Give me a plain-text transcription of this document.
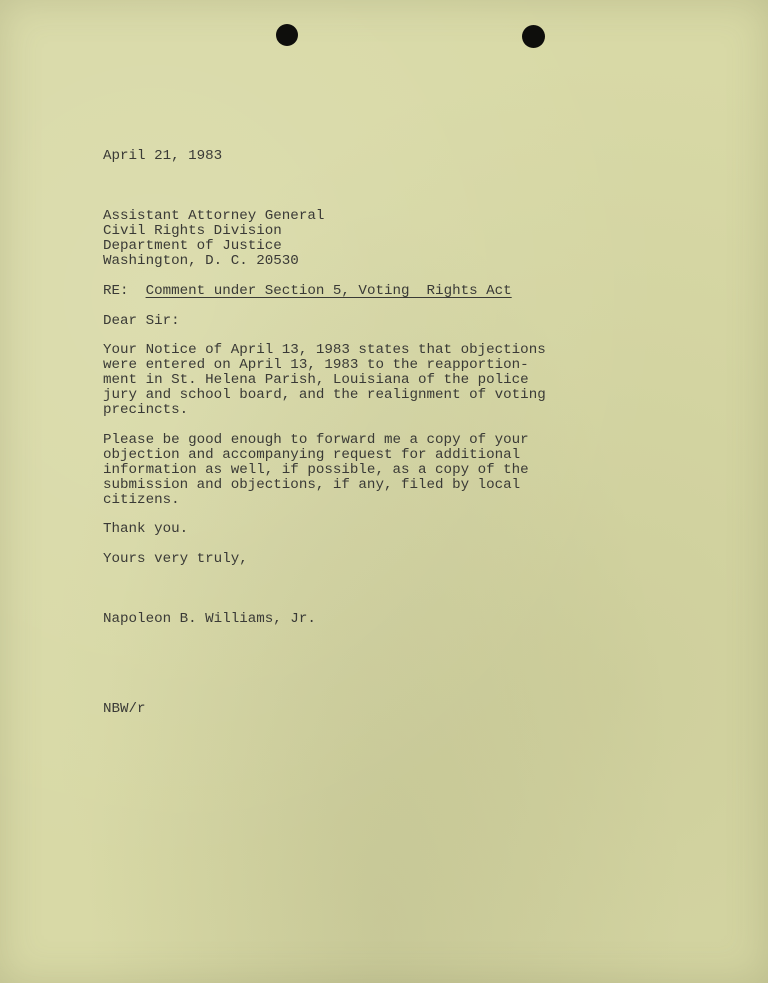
April 21, 1983
Assistant Attorney General
Civil Rights Division
Department of Justice
Washington, D. C. 20530
RE: Comment under Section 5, Voting  Rights Act
Dear Sir:
Your Notice of April 13, 1983 states that objections
were entered on April 13, 1983 to the reapportion-
ment in St. Helena Parish, Louisiana of the police
jury and school board, and the realignment of voting
precincts.
Please be good enough to forward me a copy of your
objection and accompanying request for additional
information as well, if possible, as a copy of the
submission and objections, if any, filed by local
citizens.
Thank you.
Yours very truly,
Napoleon B. Williams, Jr.
NBW/r
